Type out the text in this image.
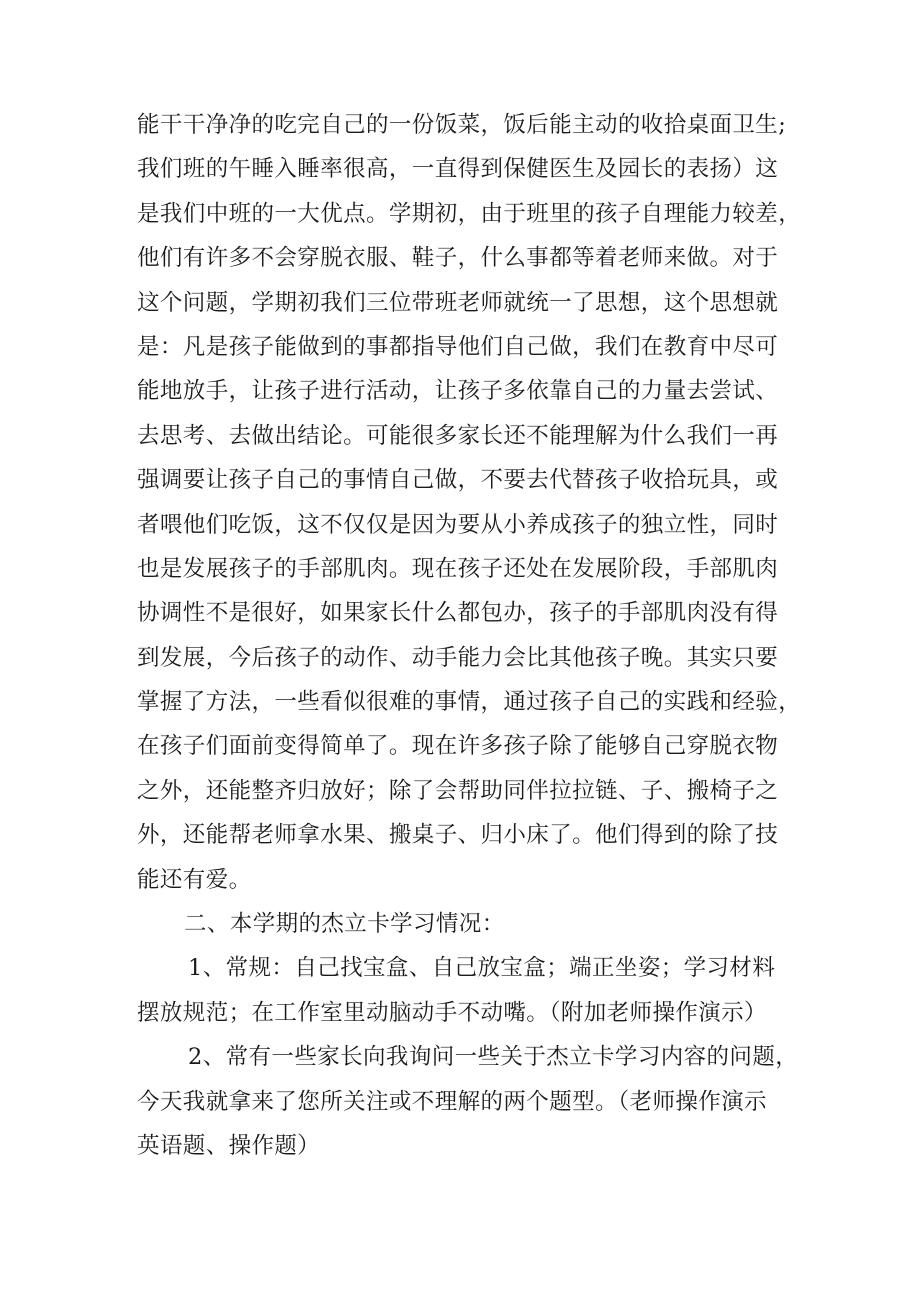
能干干净净的吃完自己的一份饭菜，饭后能主动的收拾桌面卫生;
我们班的午睡入睡率很高，一直得到保健医生及园长的表扬）这
是我们中班的一大优点。学期初，由于班里的孩子自理能力较差，
他们有许多不会穿脱衣服、鞋子，什么事都等着老师来做。对于
这个问题，学期初我们三位带班老师就统一了思想，这个思想就
是：凡是孩子能做到的事都指导他们自己做，我们在教育中尽可
能地放手，让孩子进行活动，让孩子多依靠自己的力量去尝试、
去思考、去做出结论。可能很多家长还不能理解为什么我们一再
强调要让孩子自己的事情自己做，不要去代替孩子收拾玩具，或
者喂他们吃饭，这不仅仅是因为要从小养成孩子的独立性，同时
也是发展孩子的手部肌肉。现在孩子还处在发展阶段，手部肌肉
协调性不是很好，如果家长什么都包办，孩子的手部肌肉没有得
到发展，今后孩子的动作、动手能力会比其他孩子晚。其实只要
掌握了方法，一些看似很难的事情，通过孩子自己的实践和经验，
在孩子们面前变得简单了。现在许多孩子除了能够自己穿脱衣物
之外，还能整齐归放好；除了会帮助同伴拉拉链、子、搬椅子之
外，还能帮老师拿水果、搬桌子、归小床了。他们得到的除了技
能还有爱。
二、本学期的杰立卡学习情况：
1、常规：自己找宝盒、自己放宝盒；端正坐姿；学习材料
摆放规范；在工作室里动脑动手不动嘴。（附加老师操作演示）
2、常有一些家长向我询问一些关于杰立卡学习内容的问题，
今天我就拿来了您所关注或不理解的两个题型。（老师操作演示
英语题、操作题）
